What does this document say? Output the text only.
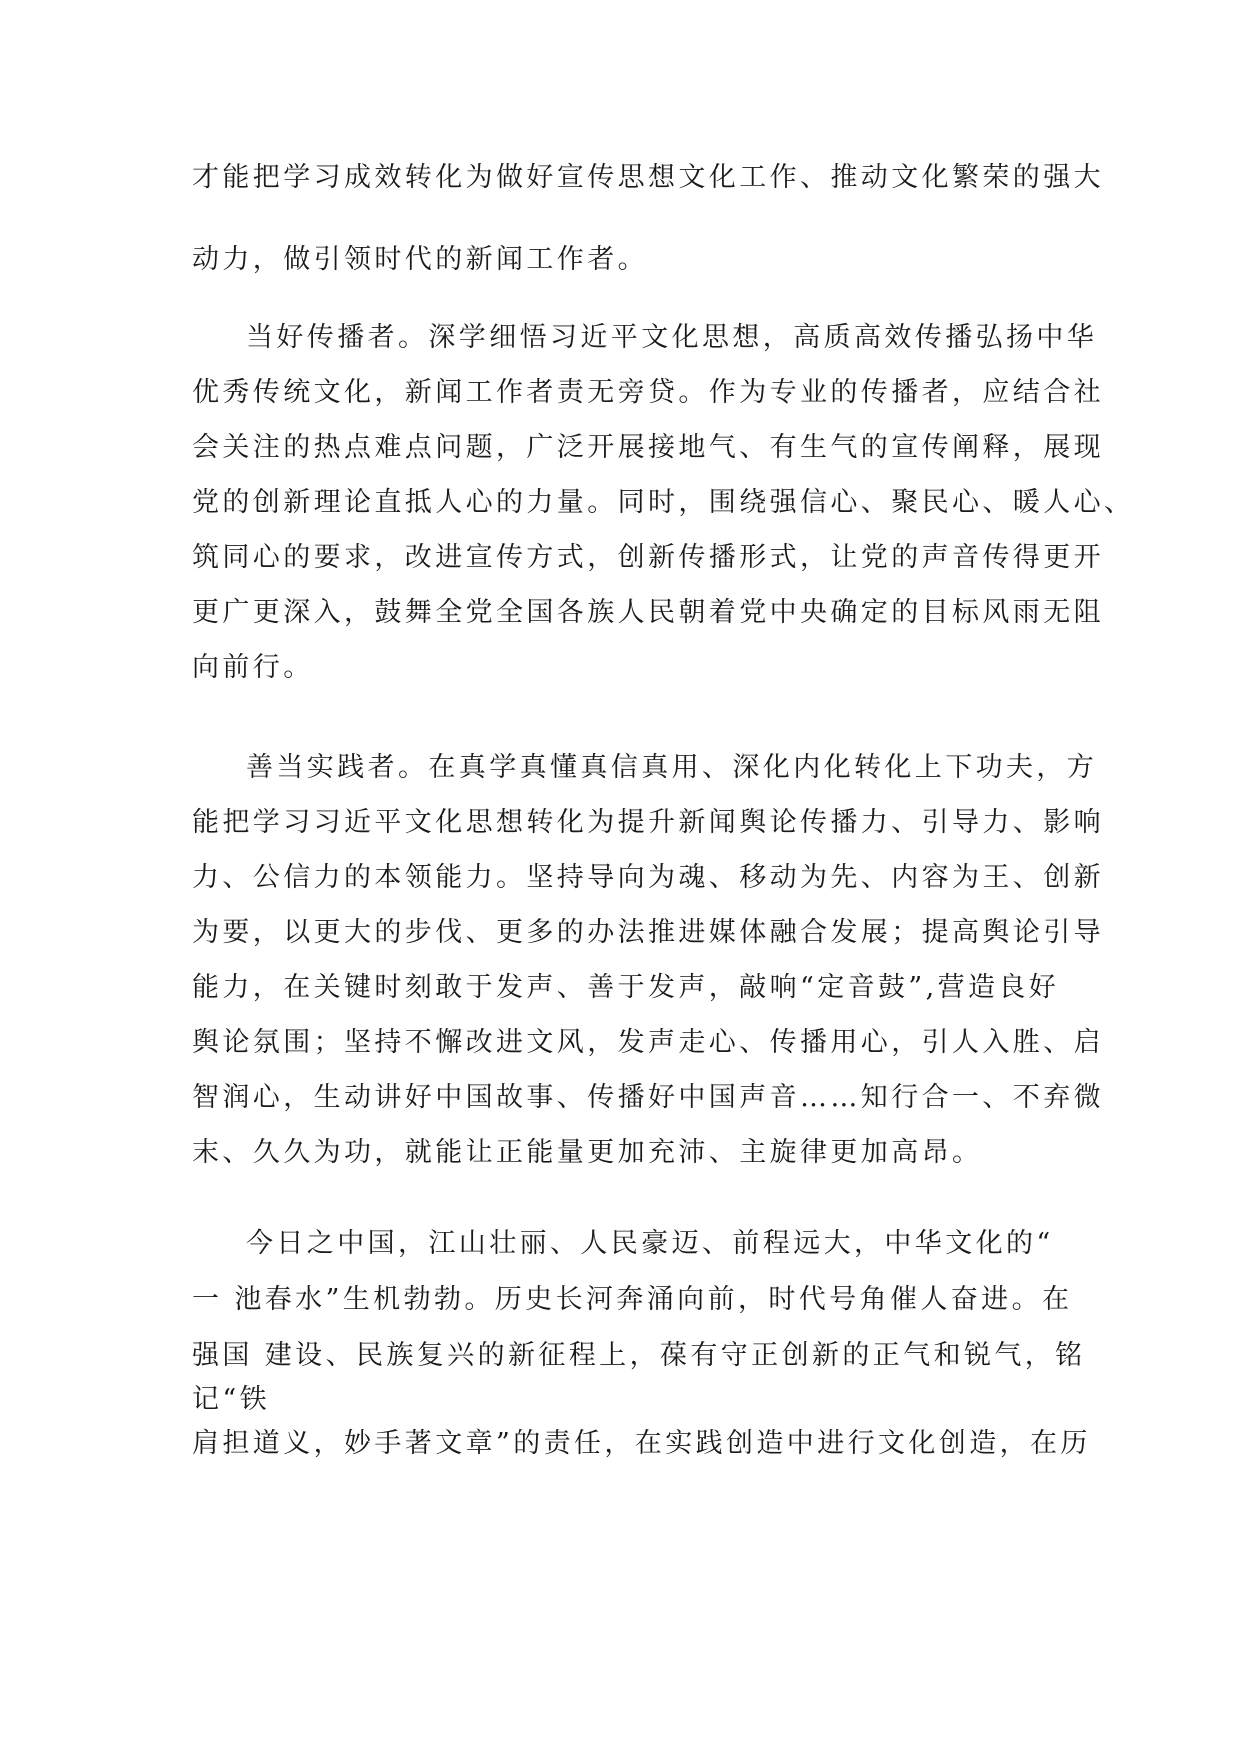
才能把学习成效转化为做好宣传思想文化工作、推动文化繁荣的强大
动力，做引领时代的新闻工作者。
当好传播者。深学细悟习近平文化思想，高质高效传播弘扬中华
优秀传统文化，新闻工作者责无旁贷。作为专业的传播者，应结合社
会关注的热点难点问题，广泛开展接地气、有生气的宣传阐释，展现
党的创新理论直抵人心的力量。同时，围绕强信心、聚民心、暖人心、
筑同心的要求，改进宣传方式，创新传播形式，让党的声音传得更开
更广更深入，鼓舞全党全国各族人民朝着党中央确定的目标风雨无阻
向前行。
善当实践者。在真学真懂真信真用、深化内化转化上下功夫，方
能把学习习近平文化思想转化为提升新闻舆论传播力、引导力、影响
力、公信力的本领能力。坚持导向为魂、移动为先、内容为王、创新
为要，以更大的步伐、更多的办法推进媒体融合发展；提高舆论引导
能力，在关键时刻敢于发声、善于发声，敲响“定音鼓”,营造良好
舆论氛围；坚持不懈改进文风，发声走心、传播用心，引人入胜、启
智润心，生动讲好中国故事、传播好中国声音……知行合一、不弃微
末、久久为功，就能让正能量更加充沛、主旋律更加高昂。
今日之中国，江山壮丽、人民豪迈、前程远大，中华文化的“
一 池春水”生机勃勃。历史长河奔涌向前，时代号角催人奋进。在
强国 建设、民族复兴的新征程上，葆有守正创新的正气和锐气，铭
记“铁
肩担道义，妙手著文章”的责任，在实践创造中进行文化创造，在历
